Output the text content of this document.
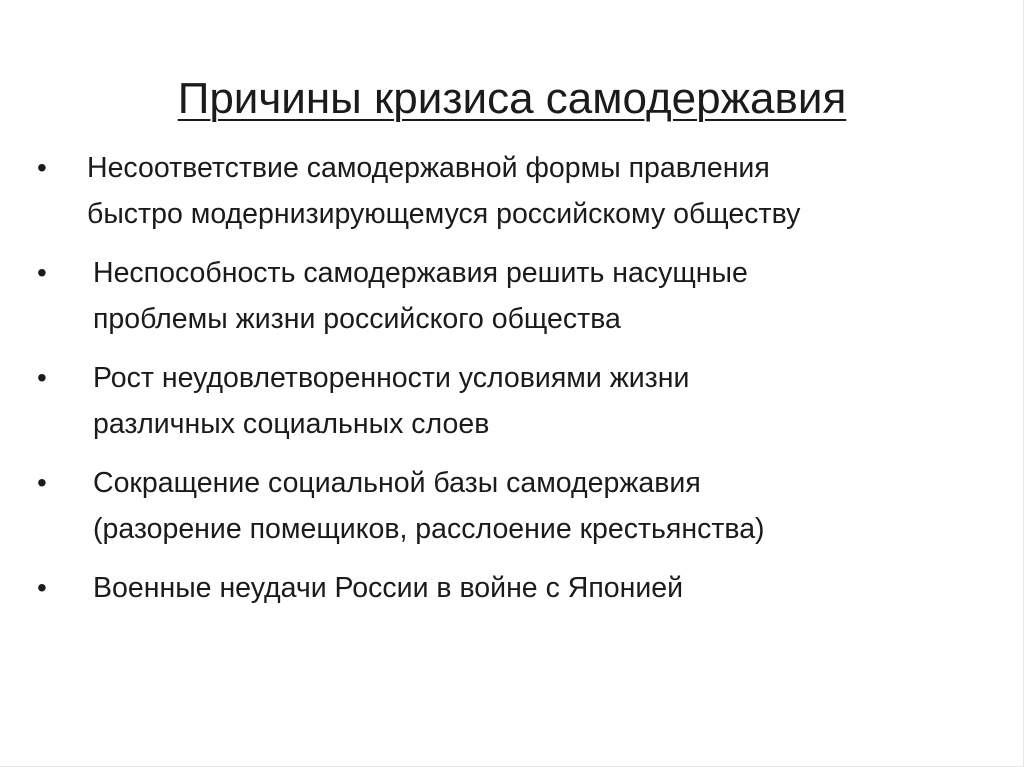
Причины кризиса самодержавия
•	Несоответствие самодержавной формы правления
быстро модернизирующемуся российскому обществу
•	Неспособность самодержавия решить насущные
проблемы жизни российского общества
•	Рост неудовлетворенности условиями жизни
различных социальных слоев
•	Сокращение социальной базы самодержавия
(разорение помещиков, расслоение крестьянства)
•	Военные неудачи России в войне с Японией
